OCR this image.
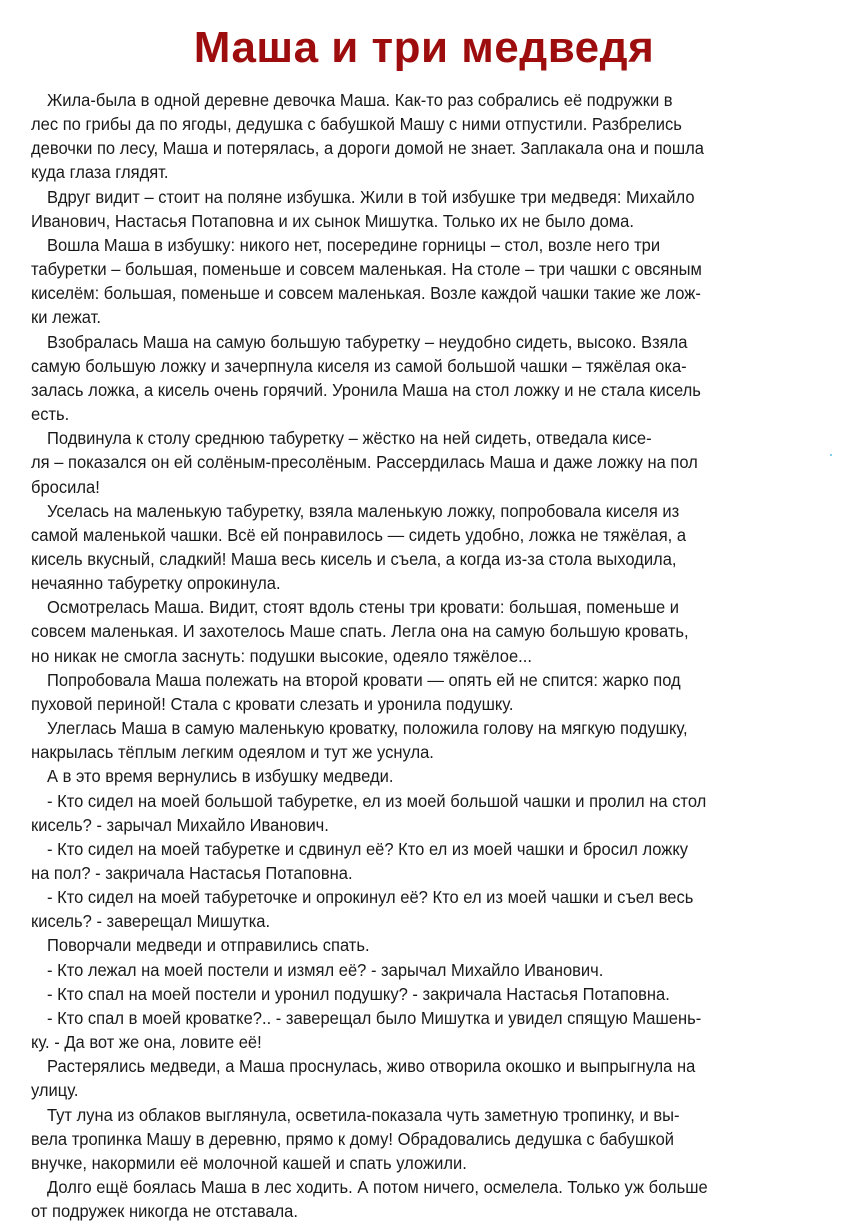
Маша и три медведя
Жила-была в одной деревне девочка Маша. Как-то раз собрались её подружки в
лес по грибы да по ягоды, дедушка с бабушкой Машу с ними отпустили. Разбрелись
девочки по лесу, Маша и потерялась, а дороги домой не знает. Заплакала она и пошла
куда глаза глядят.
Вдруг видит – стоит на поляне избушка. Жили в той избушке три медведя: Михайло
Иванович, Настасья Потаповна и их сынок Мишутка. Только их не было дома.
Вошла Маша в избушку: никого нет, посередине горницы – стол, возле него три
табуретки – большая, поменьше и совсем маленькая. На столе – три чашки с овсяным
киселём: большая, поменьше и совсем маленькая. Возле каждой чашки такие же лож-
ки лежат.
Взобралась Маша на самую большую табуретку – неудобно сидеть, высоко. Взяла
самую большую ложку и зачерпнула киселя из самой большой чашки – тяжёлая ока-
залась ложка, а кисель очень горячий. Уронила Маша на стол ложку и не стала кисель
есть.
Подвинула к столу среднюю табуретку – жёстко на ней сидеть, отведала кисе-
ля – показался он ей солёным-пресолёным. Рассердилась Маша и даже ложку на пол
бросила!
Уселась на маленькую табуретку, взяла маленькую ложку, попробовала киселя из
самой маленькой чашки. Всё ей понравилось — сидеть удобно, ложка не тяжёлая, а
кисель вкусный, сладкий! Маша весь кисель и съела, а когда из-за стола выходила,
нечаянно табуретку опрокинула.
Осмотрелась Маша. Видит, стоят вдоль стены три кровати: большая, поменьше и
совсем маленькая. И захотелось Маше спать. Легла она на самую большую кровать,
но никак не смогла заснуть: подушки высокие, одеяло тяжёлое...
Попробовала Маша полежать на второй кровати — опять ей не спится: жарко под
пуховой периной! Стала с кровати слезать и уронила подушку.
Улеглась Маша в самую маленькую кроватку, положила голову на мягкую подушку,
накрылась тёплым легким одеялом и тут же уснула.
А в это время вернулись в избушку медведи.
- Кто сидел на моей большой табуретке, ел из моей большой чашки и пролил на стол
кисель? - зарычал Михайло Иванович.
- Кто сидел на моей табуретке и сдвинул её? Кто ел из моей чашки и бросил ложку
на пол? - закричала Настасья Потаповна.
- Кто сидел на моей табуреточке и опрокинул её? Кто ел из моей чашки и съел весь
кисель? - заверещал Мишутка.
Поворчали медведи и отправились спать.
- Кто лежал на моей постели и измял её? - зарычал Михайло Иванович.
- Кто спал на моей постели и уронил подушку? - закричала Настасья Потаповна.
- Кто спал в моей кроватке?.. - заверещал было Мишутка и увидел спящую Машень-
ку. - Да вот же она, ловите её!
Растерялись медведи, а Маша проснулась, живо отворила окошко и выпрыгнула на
улицу.
Тут луна из облаков выглянула, осветила-показала чуть заметную тропинку, и вы-
вела тропинка Машу в деревню, прямо к дому! Обрадовались дедушка с бабушкой
внучке, накормили её молочной кашей и спать уложили.
Долго ещё боялась Маша в лес ходить. А потом ничего, осмелела. Только уж больше
от подружек никогда не отставала.
